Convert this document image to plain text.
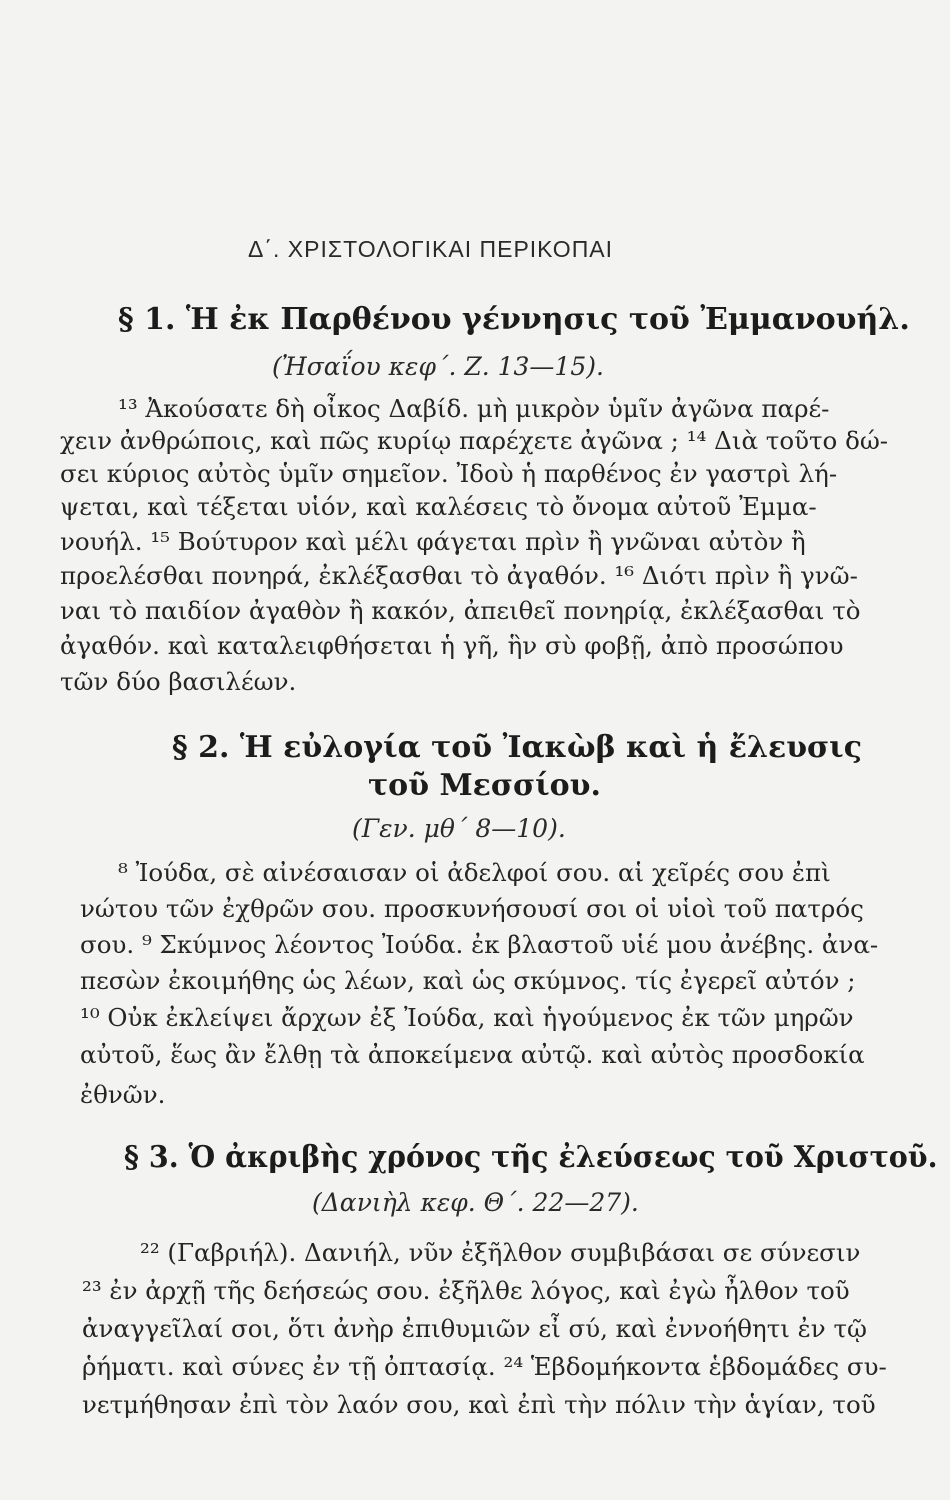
Δ΄. ΧΡΙΣΤΟΛΟΓΙΚΑΙ ΠΕΡΙΚΟΠΑΙ
§ 1. Ἡ ἐκ Παρθένου γέννησις τοῦ Ἐμμανουήλ.
(Ἠσαΐου κεφ΄. Ζ. 13—15).
¹³ Ἀκούσατε δὴ οἶκος Δαβίδ. μὴ μικρὸν ὑμῖν ἀγῶνα παρέ-
χειν ἀνθρώποις, καὶ πῶς κυρίῳ παρέχετε ἀγῶνα ; ¹⁴ Διὰ τοῦτο δώ-
σει κύριος αὐτὸς ὑμῖν σημεῖον. Ἰδοὺ ἡ παρθένος ἐν γαστρὶ λή-
ψεται, καὶ τέξεται υἱόν, καὶ καλέσεις τὸ ὄνομα αὐτοῦ Ἐμμα-
νουήλ. ¹⁵ Βούτυρον καὶ μέλι φάγεται πρὶν ἢ γνῶναι αὐτὸν ἢ
προελέσθαι πονηρά, ἐκλέξασθαι τὸ ἀγαθόν. ¹⁶ Διότι πρὶν ἢ γνῶ-
ναι τὸ παιδίον ἀγαθὸν ἢ κακόν, ἀπειθεῖ πονηρίᾳ, ἐκλέξασθαι τὸ
ἀγαθόν. καὶ καταλειφθήσεται ἡ γῆ, ἣν σὺ φοβῇ, ἀπὸ προσώπου
τῶν δύο βασιλέων.
§ 2. Ἡ εὐλογία τοῦ Ἰακὼβ καὶ ἡ ἔλευσις
τοῦ Μεσσίου.
(Γεν. μθ΄ 8—10).
⁸ Ἰούδα, σὲ αἰνέσαισαν οἱ ἀδελφοί σου. αἱ χεῖρές σου ἐπὶ
νώτου τῶν ἐχθρῶν σου. προσκυνήσουσί σοι οἱ υἱοὶ τοῦ πατρός
σου. ⁹ Σκύμνος λέοντος Ἰούδα. ἐκ βλαστοῦ υἱέ μου ἀνέβης. ἀνα-
πεσὼν ἐκοιμήθης ὡς λέων, καὶ ὡς σκύμνος. τίς ἐγερεῖ αὐτόν ;
¹⁰ Οὐκ ἐκλείψει ἄρχων ἐξ Ἰούδα, καὶ ἡγούμενος ἐκ τῶν μηρῶν
αὐτοῦ, ἕως ἂν ἔλθῃ τὰ ἀποκείμενα αὐτῷ. καὶ αὐτὸς προσδοκία
ἐθνῶν.
§ 3. Ὁ ἀκριβὴς χρόνος τῆς ἐλεύσεως τοῦ Χριστοῦ.
(Δανιὴλ κεφ. Θ΄. 22—27).
²² (Γαβριήλ). Δανιήλ, νῦν ἐξῆλθον συμβιβάσαι σε σύνεσιν
²³ ἐν ἀρχῇ τῆς δεήσεώς σου. ἐξῆλθε λόγος, καὶ ἐγὼ ἦλθον τοῦ
ἀναγγεῖλαί σοι, ὅτι ἀνὴρ ἐπιθυμιῶν εἶ σύ, καὶ ἐννοήθητι ἐν τῷ
ῥήματι. καὶ σύνες ἐν τῇ ὀπτασίᾳ. ²⁴ Ἑβδομήκοντα ἑβδομάδες συ-
νετμήθησαν ἐπὶ τὸν λαόν σου, καὶ ἐπὶ τὴν πόλιν τὴν ἁγίαν, τοῦ
